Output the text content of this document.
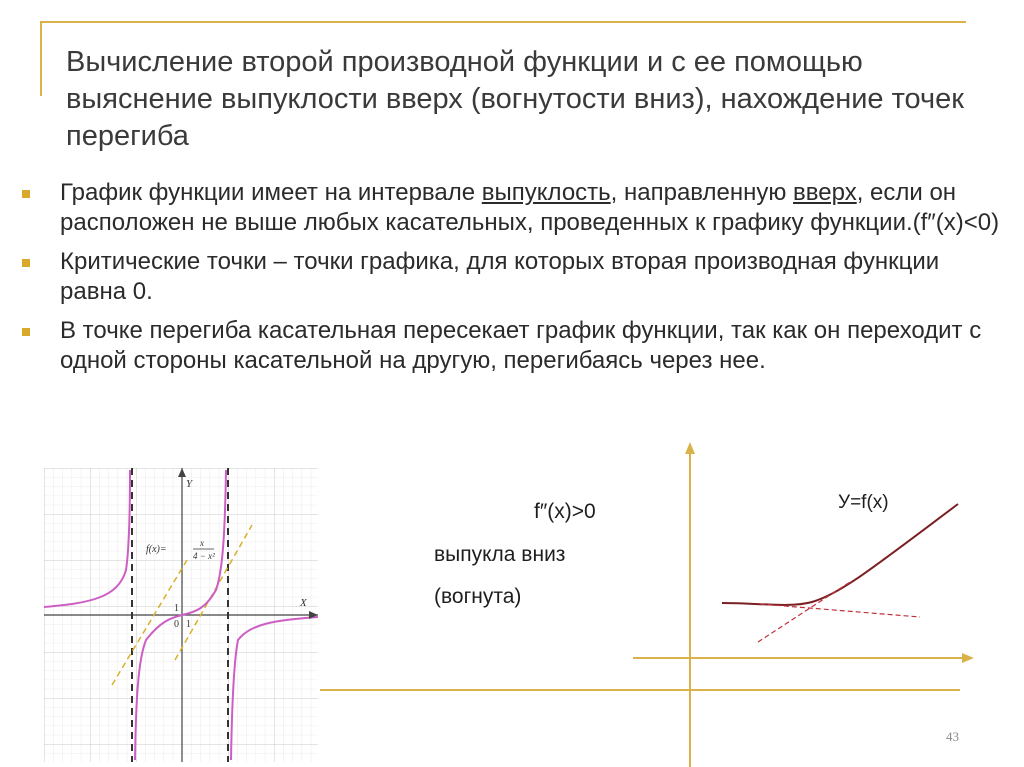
Вычисление второй производной функции и с ее помощью выяснение выпуклости вверх (вогнутости вниз), нахождение точек перегиба
График функции имеет на интервале выпуклость, направленную вверх, если он расположен не выше любых касательных, проведенных к графику функции.(f″(x)<0)
Критические точки – точки графика, для которых вторая производная функции равна 0.
В точке перегиба касательная пересекает график функции, так как он переходит с одной стороны касательной на другую, перегибаясь через нее.
Y
X
1
1
0
f(x)=
x
4 − x²
f″(x)>0
выпукла вниз
(вогнута)
У=f(x)
43
